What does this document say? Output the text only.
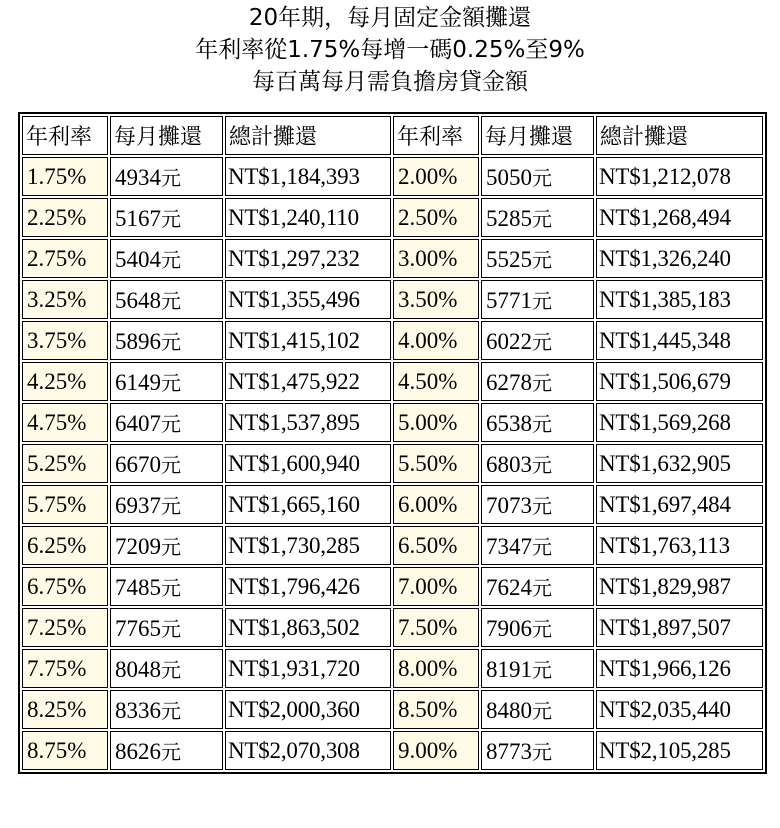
20年期，每月固定金額攤還
年利率從1.75%每增一碼0.25%至9%
每百萬每月需負擔房貸金額
年利率	每月攤還	總計攤還	年利率	每月攤還	總計攤還
1.75%	4934元	NT$1,184,393	2.00%	5050元	NT$1,212,078
2.25%	5167元	NT$1,240,110	2.50%	5285元	NT$1,268,494
2.75%	5404元	NT$1,297,232	3.00%	5525元	NT$1,326,240
3.25%	5648元	NT$1,355,496	3.50%	5771元	NT$1,385,183
3.75%	5896元	NT$1,415,102	4.00%	6022元	NT$1,445,348
4.25%	6149元	NT$1,475,922	4.50%	6278元	NT$1,506,679
4.75%	6407元	NT$1,537,895	5.00%	6538元	NT$1,569,268
5.25%	6670元	NT$1,600,940	5.50%	6803元	NT$1,632,905
5.75%	6937元	NT$1,665,160	6.00%	7073元	NT$1,697,484
6.25%	7209元	NT$1,730,285	6.50%	7347元	NT$1,763,113
6.75%	7485元	NT$1,796,426	7.00%	7624元	NT$1,829,987
7.25%	7765元	NT$1,863,502	7.50%	7906元	NT$1,897,507
7.75%	8048元	NT$1,931,720	8.00%	8191元	NT$1,966,126
8.25%	8336元	NT$2,000,360	8.50%	8480元	NT$2,035,440
8.75%	8626元	NT$2,070,308	9.00%	8773元	NT$2,105,285
